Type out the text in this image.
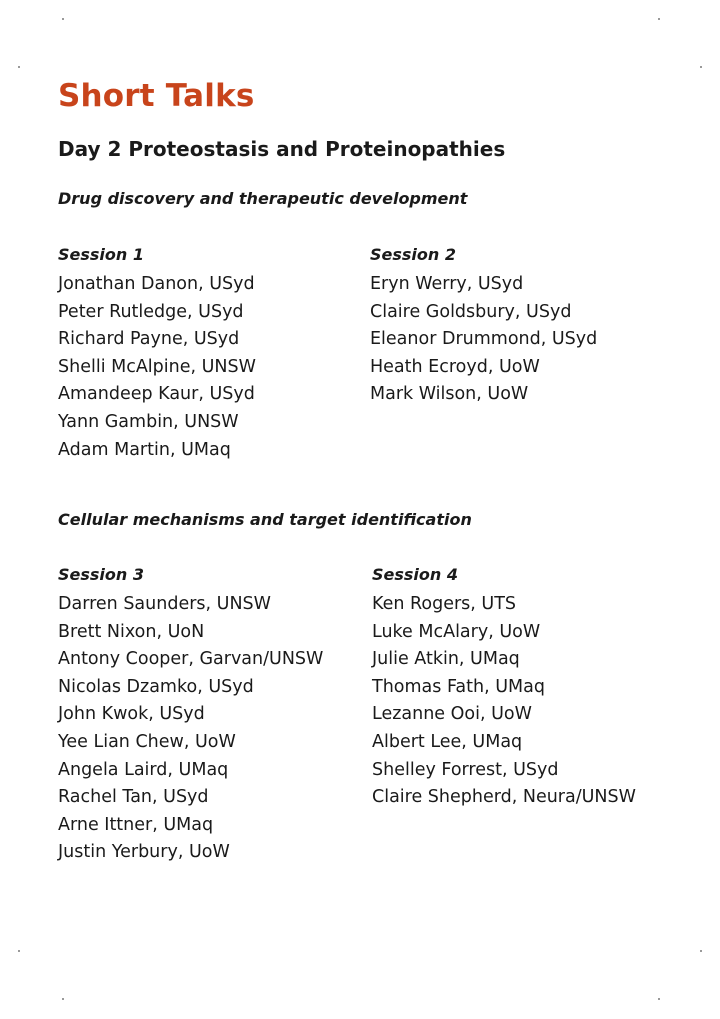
Short Talks
Day 2 Proteostasis and Proteinopathies
Drug discovery and therapeutic development
Session 1
Jonathan Danon, USyd
Peter Rutledge, USyd
Richard Payne, USyd
Shelli McAlpine, UNSW
Amandeep Kaur, USyd
Yann Gambin, UNSW
Adam Martin, UMaq
Session 2
Eryn Werry, USyd
Claire Goldsbury, USyd
Eleanor Drummond, USyd
Heath Ecroyd, UoW
Mark Wilson, UoW
Cellular mechanisms and target identification
Session 3
Darren Saunders, UNSW
Brett Nixon, UoN
Antony Cooper, Garvan/UNSW
Nicolas Dzamko, USyd
John Kwok, USyd
Yee Lian Chew, UoW
Angela Laird, UMaq
Rachel Tan, USyd
Arne Ittner, UMaq
Justin Yerbury, UoW
Session 4
Ken Rogers, UTS
Luke McAlary, UoW
Julie Atkin, UMaq
Thomas Fath, UMaq
Lezanne Ooi, UoW
Albert Lee, UMaq
Shelley Forrest, USyd
Claire Shepherd, Neura/UNSW
